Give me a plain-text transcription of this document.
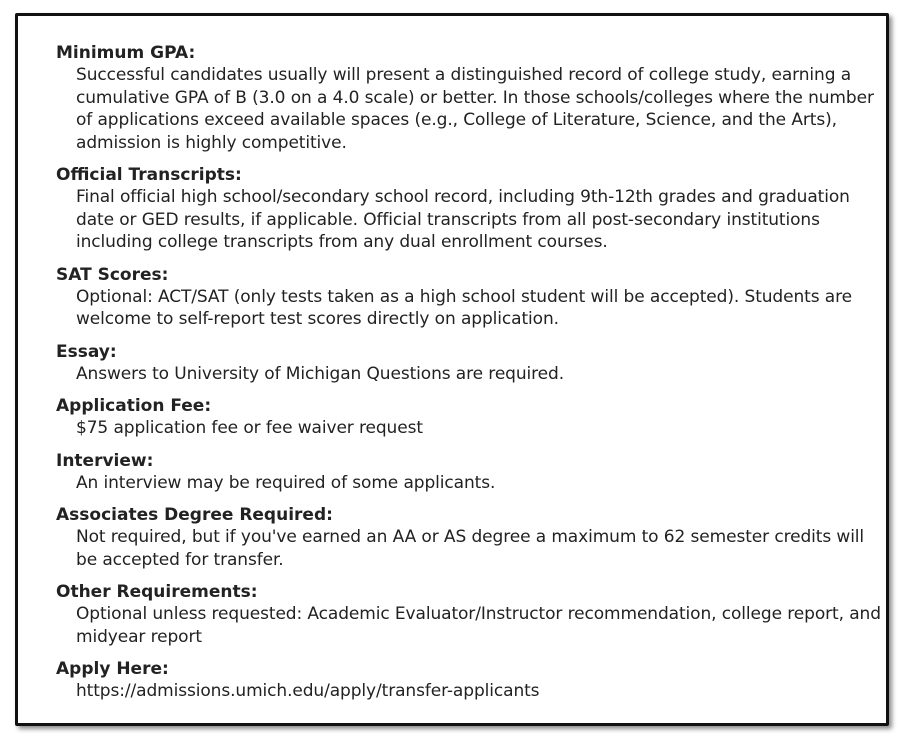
Minimum GPA:
Successful candidates usually will present a distinguished record of college study, earning a cumulative GPA of B (3.0 on a 4.0 scale) or better. In those schools/colleges where the number of applications exceed available spaces (e.g., College of Literature, Science, and the Arts), admission is highly competitive.
Official Transcripts:
Final official high school/secondary school record, including 9th-12th grades and graduation date or GED results, if applicable. Official transcripts from all post-secondary institutions including college transcripts from any dual enrollment courses.
SAT Scores:
Optional: ACT/SAT (only tests taken as a high school student will be accepted). Students are welcome to self-report test scores directly on application.
Essay:
Answers to University of Michigan Questions are required.
Application Fee:
$75 application fee or fee waiver request
Interview:
An interview may be required of some applicants.
Associates Degree Required:
Not required, but if you've earned an AA or AS degree a maximum to 62 semester credits will be accepted for transfer.
Other Requirements:
Optional unless requested: Academic Evaluator/Instructor recommendation, college report, and midyear report
Apply Here:
https://admissions.umich.edu/apply/transfer-applicants
